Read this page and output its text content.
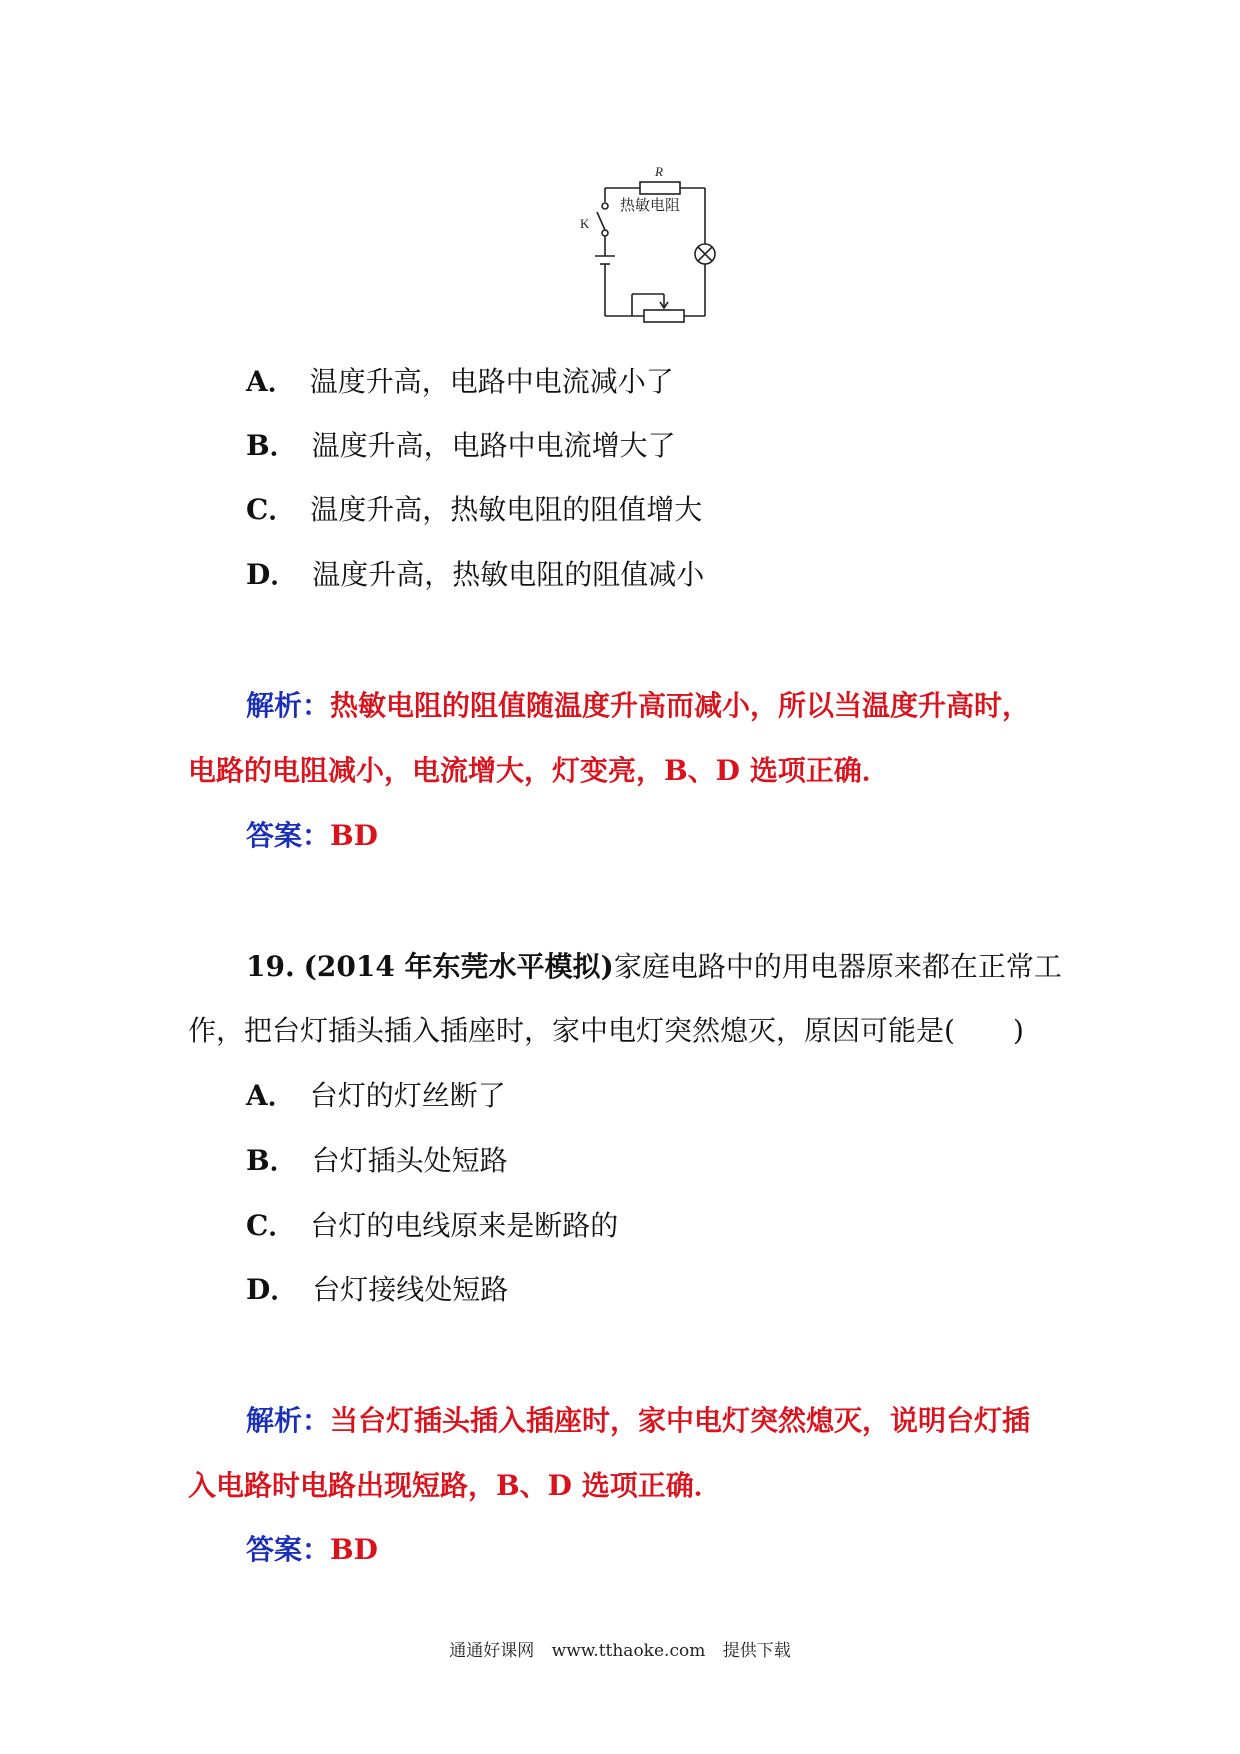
R
热敏电阻
K
A． 温度升高，电路中电流减小了
B． 温度升高，电路中电流增大了
C． 温度升高，热敏电阻的阻值增大
D． 温度升高，热敏电阻的阻值减小
解析：热敏电阻的阻值随温度升高而减小，所以当温度升高时，
电路的电阻减小，电流增大，灯变亮，B、D 选项正确．
答案：BD
19. (2014 年东莞水平模拟)家庭电路中的用电器原来都在正常工
作，把台灯插头插入插座时，家中电灯突然熄灭，原因可能是( )
A． 台灯的灯丝断了
B． 台灯插头处短路
C． 台灯的电线原来是断路的
D． 台灯接线处短路
解析：当台灯插头插入插座时，家中电灯突然熄灭，说明台灯插
入电路时电路出现短路，B、D 选项正确．
答案：BD
通通好课网 www.tthaoke.com 提供下载
